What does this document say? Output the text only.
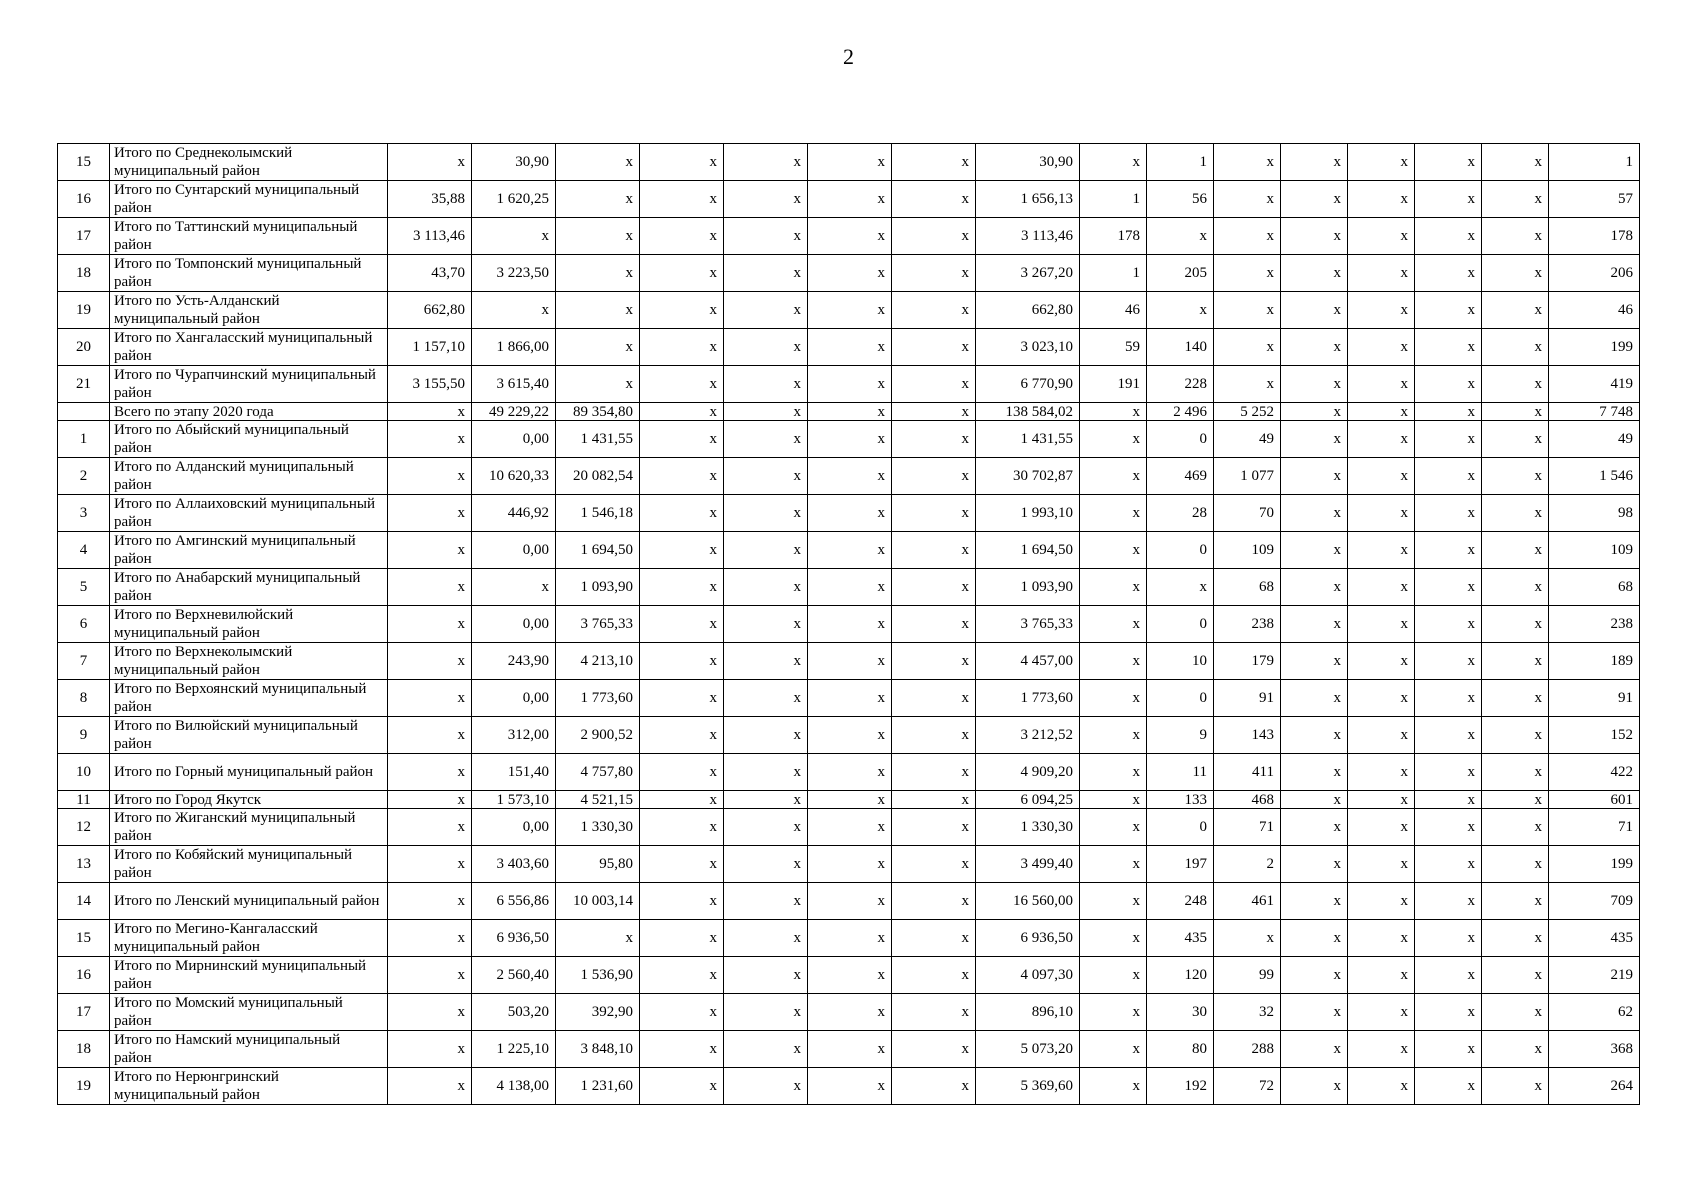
2
15	Итого по Среднеколымский муниципальный район	x	30,90	x	x	x	x	x	30,90	x	1	x	x	x	x	x	1
16	Итого по Сунтарский муниципальный район	35,88	1 620,25	x	x	x	x	x	1 656,13	1	56	x	x	x	x	x	57
17	Итого по Таттинский муниципальный район	3 113,46	x	x	x	x	x	x	3 113,46	178	x	x	x	x	x	x	178
18	Итого по Томпонский муниципальный район	43,70	3 223,50	x	x	x	x	x	3 267,20	1	205	x	x	x	x	x	206
19	Итого по Усть-Алданский муниципальный район	662,80	x	x	x	x	x	x	662,80	46	x	x	x	x	x	x	46
20	Итого по Хангаласский муниципальный район	1 157,10	1 866,00	x	x	x	x	x	3 023,10	59	140	x	x	x	x	x	199
21	Итого по Чурапчинский муниципальный район	3 155,50	3 615,40	x	x	x	x	x	6 770,90	191	228	x	x	x	x	x	419
	Всего по этапу 2020 года	x	49 229,22	89 354,80	x	x	x	x	138 584,02	x	2 496	5 252	x	x	x	x	7 748
1	Итого по Абыйский муниципальный район	x	0,00	1 431,55	x	x	x	x	1 431,55	x	0	49	x	x	x	x	49
2	Итого по Алданский муниципальный район	x	10 620,33	20 082,54	x	x	x	x	30 702,87	x	469	1 077	x	x	x	x	1 546
3	Итого по Аллаиховский муниципальный район	x	446,92	1 546,18	x	x	x	x	1 993,10	x	28	70	x	x	x	x	98
4	Итого по Амгинский муниципальный район	x	0,00	1 694,50	x	x	x	x	1 694,50	x	0	109	x	x	x	x	109
5	Итого по Анабарский муниципальный район	x	x	1 093,90	x	x	x	x	1 093,90	x	x	68	x	x	x	x	68
6	Итого по Верхневилюйский муниципальный район	x	0,00	3 765,33	x	x	x	x	3 765,33	x	0	238	x	x	x	x	238
7	Итого по Верхнеколымский муниципальный район	x	243,90	4 213,10	x	x	x	x	4 457,00	x	10	179	x	x	x	x	189
8	Итого по Верхоянский муниципальный район	x	0,00	1 773,60	x	x	x	x	1 773,60	x	0	91	x	x	x	x	91
9	Итого по Вилюйский муниципальный район	x	312,00	2 900,52	x	x	x	x	3 212,52	x	9	143	x	x	x	x	152
10	Итого по Горный муниципальный район	x	151,40	4 757,80	x	x	x	x	4 909,20	x	11	411	x	x	x	x	422
11	Итого по Город Якутск	x	1 573,10	4 521,15	x	x	x	x	6 094,25	x	133	468	x	x	x	x	601
12	Итого по Жиганский муниципальный район	x	0,00	1 330,30	x	x	x	x	1 330,30	x	0	71	x	x	x	x	71
13	Итого по Кобяйский муниципальный район	x	3 403,60	95,80	x	x	x	x	3 499,40	x	197	2	x	x	x	x	199
14	Итого по Ленский муниципальный район	x	6 556,86	10 003,14	x	x	x	x	16 560,00	x	248	461	x	x	x	x	709
15	Итого по Мегино-Кангаласский муниципальный район	x	6 936,50	x	x	x	x	x	6 936,50	x	435	x	x	x	x	x	435
16	Итого по Мирнинский муниципальный район	x	2 560,40	1 536,90	x	x	x	x	4 097,30	x	120	99	x	x	x	x	219
17	Итого по Момский муниципальный район	x	503,20	392,90	x	x	x	x	896,10	x	30	32	x	x	x	x	62
18	Итого по Намский муниципальный район	x	1 225,10	3 848,10	x	x	x	x	5 073,20	x	80	288	x	x	x	x	368
19	Итого по Нерюнгринский муниципальный район	x	4 138,00	1 231,60	x	x	x	x	5 369,60	x	192	72	x	x	x	x	264
